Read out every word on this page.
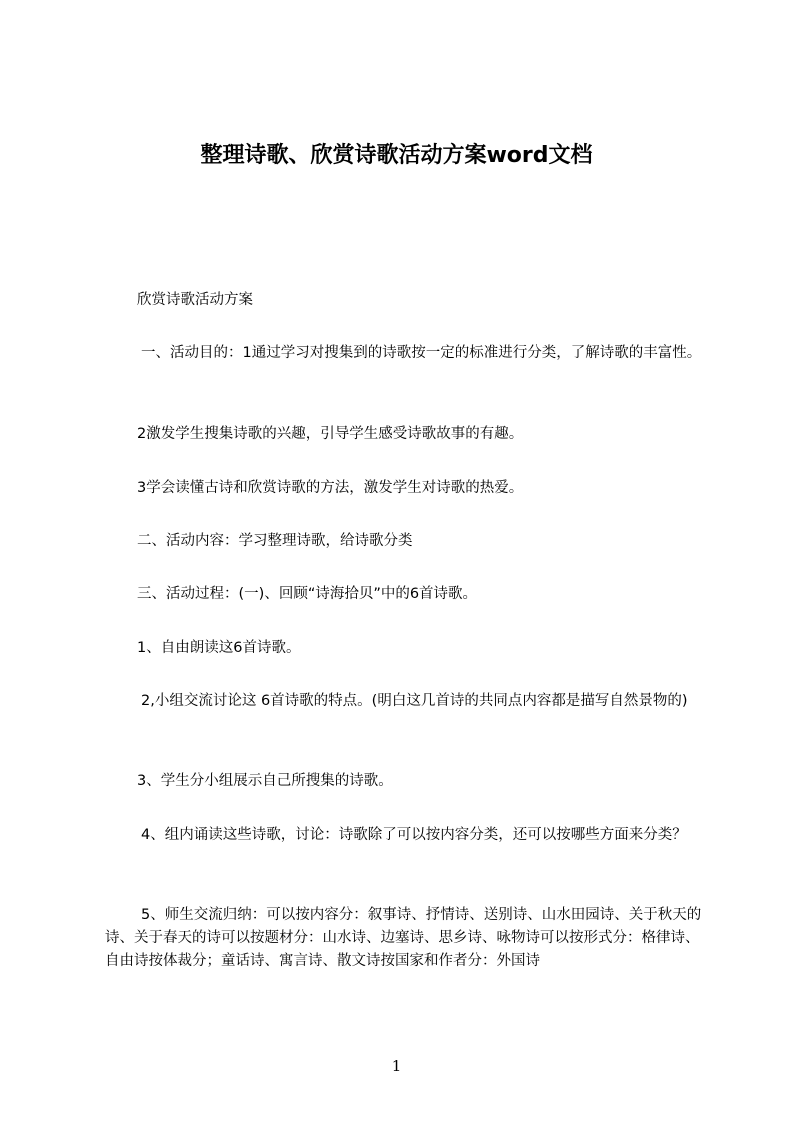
整理诗歌、欣赏诗歌活动方案word文档

欣赏诗歌活动方案

一、活动目的：1通过学习对搜集到的诗歌按一定的标准进行分类，了解诗歌的丰富性。

2激发学生搜集诗歌的兴趣，引导学生感受诗歌故事的有趣。

3学会读懂古诗和欣赏诗歌的方法，激发学生对诗歌的热爱。

二、活动内容：学习整理诗歌，给诗歌分类

三、活动过程：(一)、回顾“诗海拾贝”中的6首诗歌。

1、自由朗读这6首诗歌。

2,小组交流讨论这 6首诗歌的特点。(明白这几首诗的共同点内容都是描写自然景物的)

3、学生分小组展示自己所搜集的诗歌。

4、组内诵读这些诗歌，讨论：诗歌除了可以按内容分类，还可以按哪些方面来分类？

5、师生交流归纳：可以按内容分：叙事诗、抒情诗、送别诗、山水田园诗、关于秋天的诗、关于春天的诗可以按题材分：山水诗、边塞诗、思乡诗、咏物诗可以按形式分：格律诗、自由诗按体裁分；童话诗、寓言诗、散文诗按国家和作者分：外国诗

1
